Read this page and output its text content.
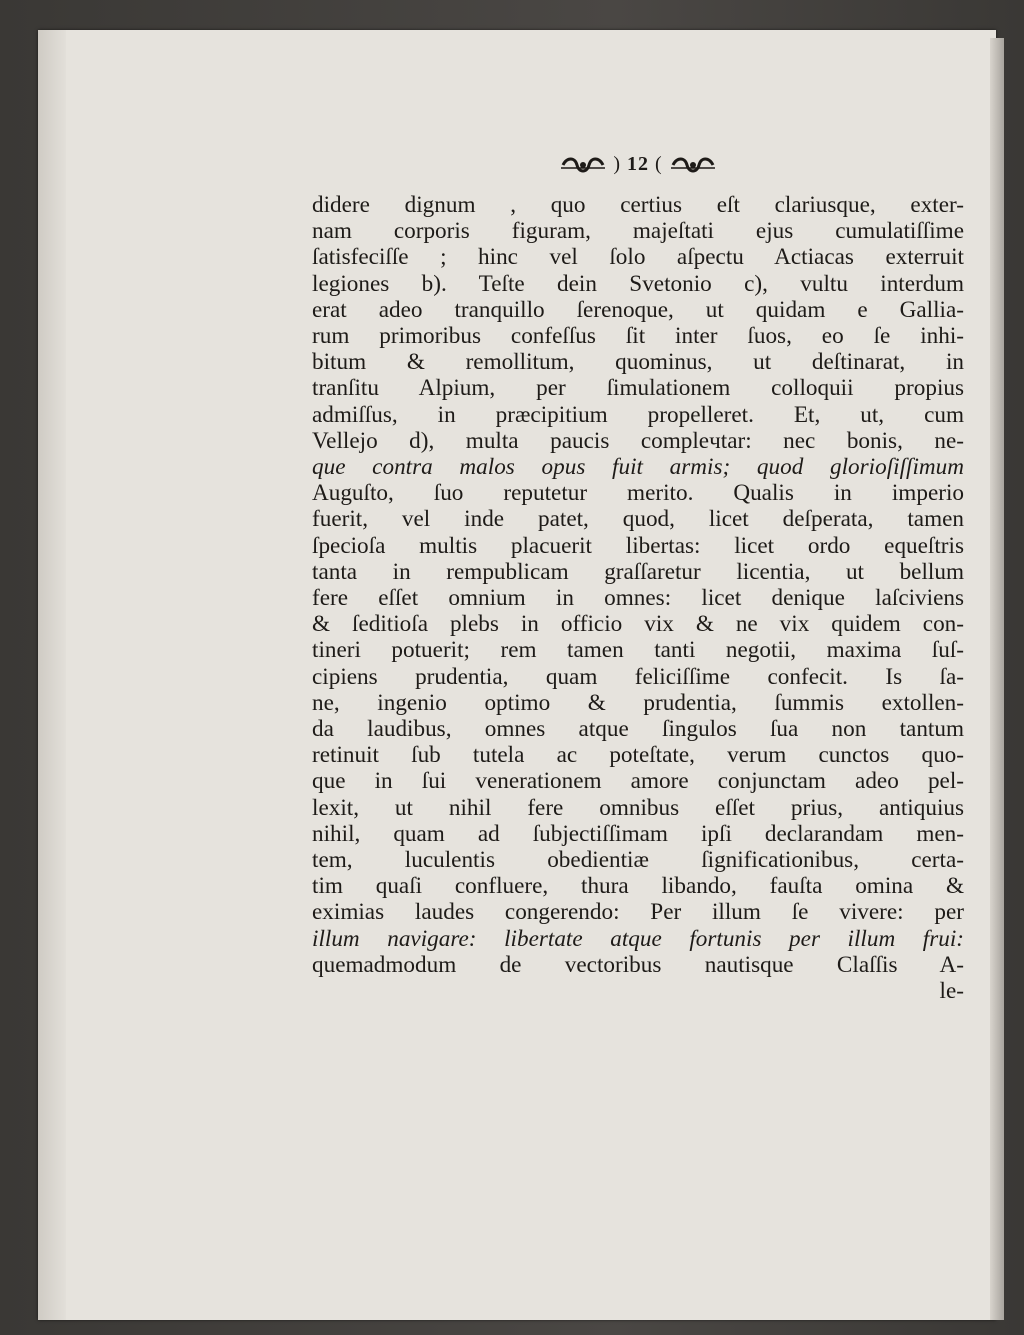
) 12 (
didere dignum , quo certius eſt clariusque, exter-
nam corporis figuram, majeſtati ejus cumulatiſſime
ſatisfeciſſe ; hinc vel ſolo aſpectu Actiacas exterruit
legiones b). Teſte dein Svetonio c), vultu interdum
erat adeo tranquillo ſerenoque, ut quidam e Gallia-
rum primoribus confeſſus ſit inter ſuos, eo ſe inhi-
bitum & remollitum, quominus, ut deſtinarat, in
tranſitu Alpium, per ſimulationem colloquii propius
admiſſus, in præcipitium propelleret. Et, ut, cum
Vellejo d), multa paucis compleчtar: nec bonis, ne-
que contra malos opus fuit armis; quod glorioſiſſimum
Auguſto, ſuo reputetur merito. Qualis in imperio
fuerit, vel inde patet, quod, licet deſperata, tamen
ſpecioſa multis placuerit libertas: licet ordo equeſtris
tanta in rempublicam graſſaretur licentia, ut bellum
fere eſſet omnium in omnes: licet denique laſciviens
& ſeditioſa plebs in officio vix & ne vix quidem con-
tineri potuerit; rem tamen tanti negotii, maxima ſuſ-
cipiens prudentia, quam feliciſſime confecit. Is ſa-
ne, ingenio optimo & prudentia, ſummis extollen-
da laudibus, omnes atque ſingulos ſua non tantum
retinuit ſub tutela ac poteſtate, verum cunctos quo-
que in ſui venerationem amore conjunctam adeo pel-
lexit, ut nihil fere omnibus eſſet prius, antiquius
nihil, quam ad ſubjectiſſimam ipſi declarandam men-
tem, luculentis obedientiæ ſignificationibus, certa-
tim quaſi confluere, thura libando, fauſta omina &
eximias laudes congerendo: Per illum ſe vivere: per
illum navigare: libertate atque fortunis per illum frui:
quemadmodum de vectoribus nautisque Claſſis A-
le-
